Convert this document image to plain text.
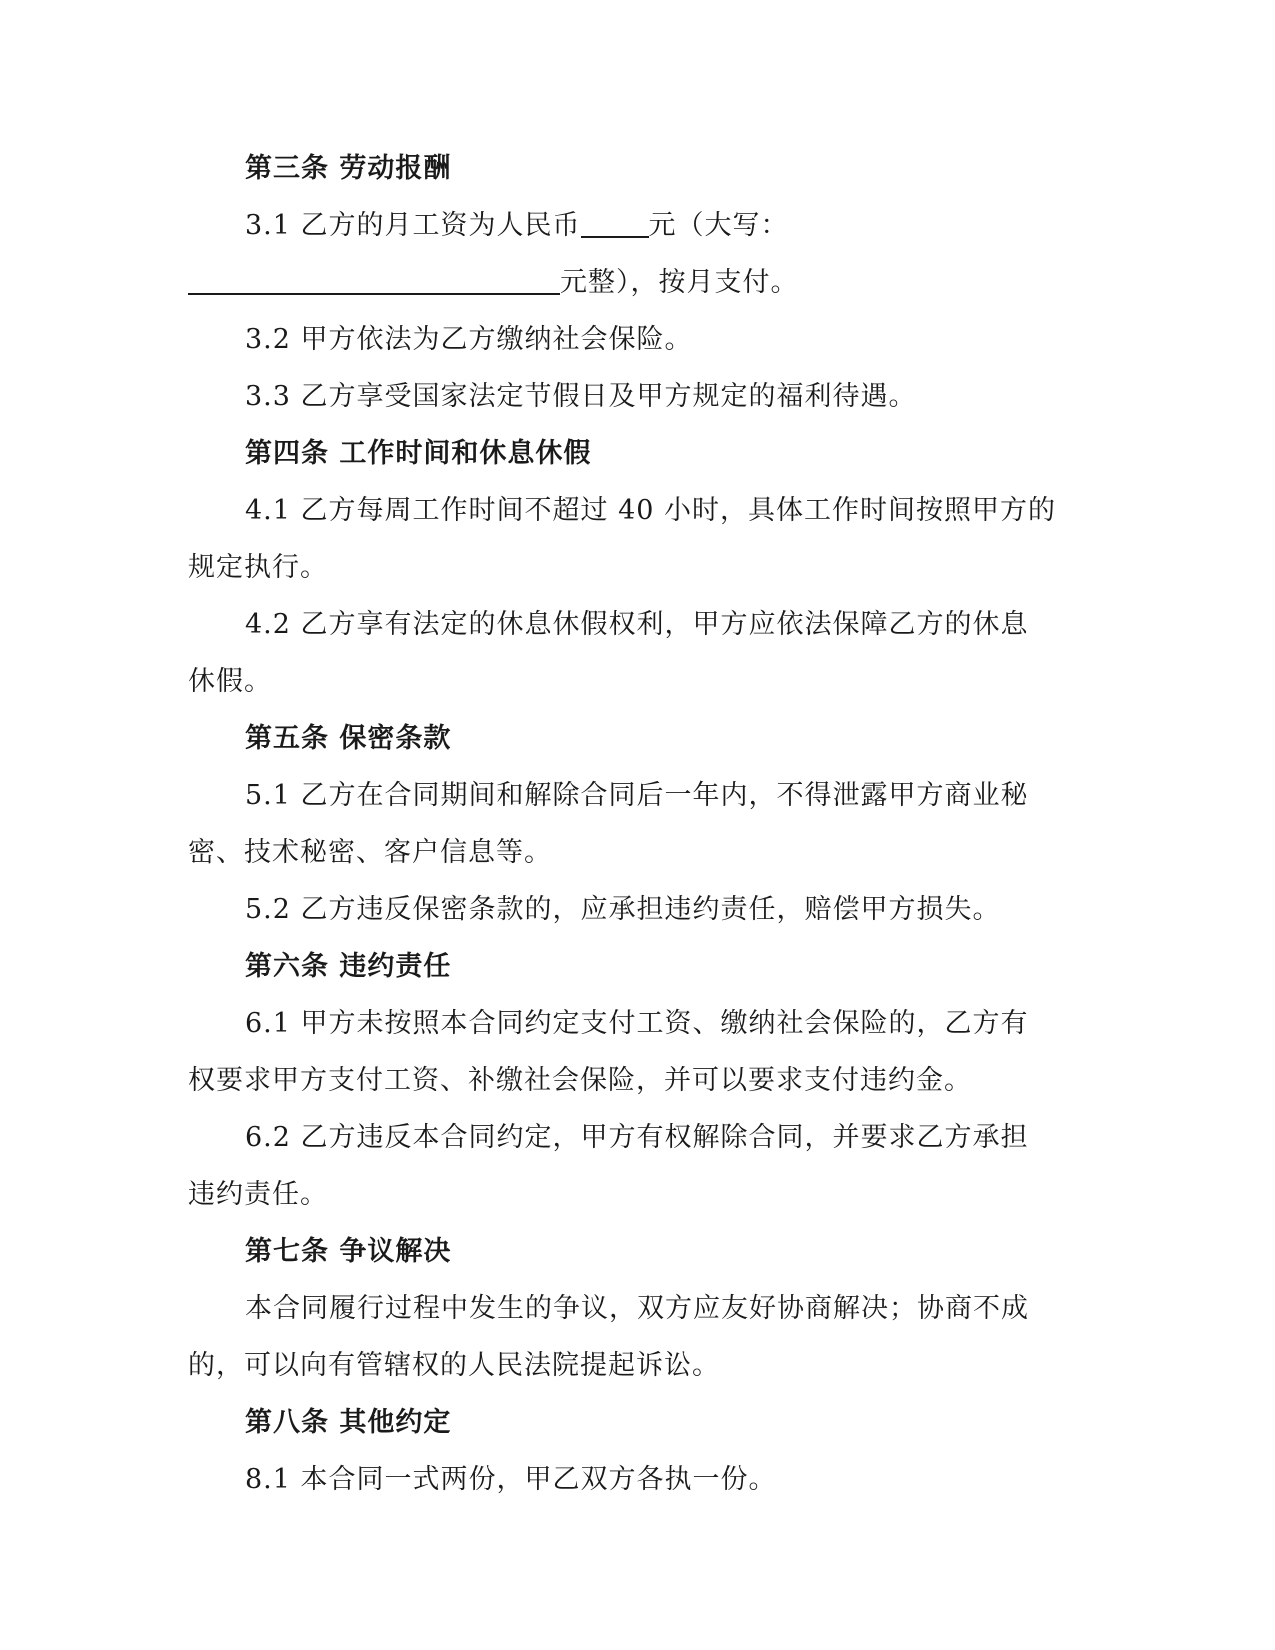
第三条 劳动报酬
3.1 乙方的月工资为人民币	元（大写：
元整），按月支付。
3.2 甲方依法为乙方缴纳社会保险。
3.3 乙方享受国家法定节假日及甲方规定的福利待遇。
第四条 工作时间和休息休假
4.1 乙方每周工作时间不超过 40 小时，具体工作时间按照甲方的
规定执行。
4.2 乙方享有法定的休息休假权利，甲方应依法保障乙方的休息
休假。
第五条 保密条款
5.1 乙方在合同期间和解除合同后一年内，不得泄露甲方商业秘
密、技术秘密、客户信息等。
5.2 乙方违反保密条款的，应承担违约责任，赔偿甲方损失。
第六条 违约责任
6.1 甲方未按照本合同约定支付工资、缴纳社会保险的，乙方有
权要求甲方支付工资、补缴社会保险，并可以要求支付违约金。
6.2 乙方违反本合同约定，甲方有权解除合同，并要求乙方承担
违约责任。
第七条 争议解决
本合同履行过程中发生的争议，双方应友好协商解决；协商不成
的，可以向有管辖权的人民法院提起诉讼。
第八条 其他约定
8.1 本合同一式两份，甲乙双方各执一份。
